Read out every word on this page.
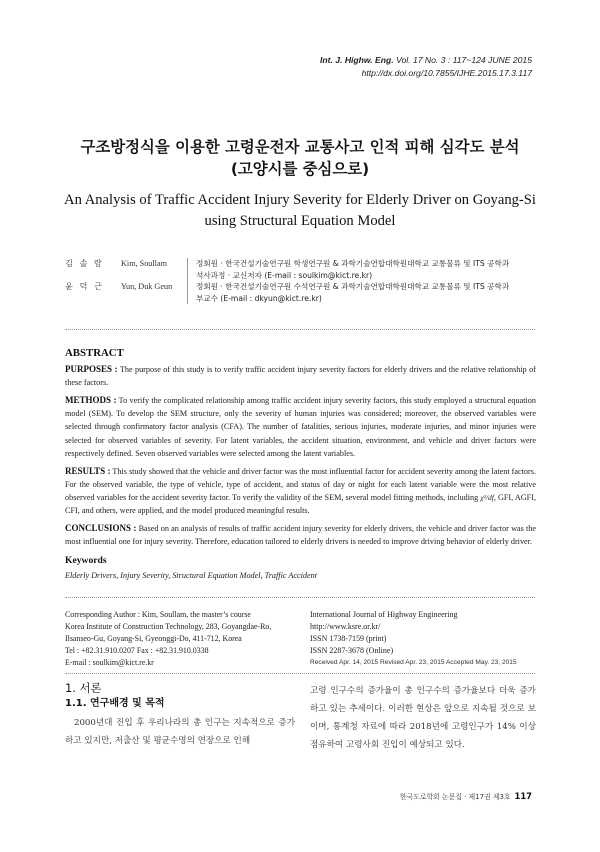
Int. J. Highw. Eng. Vol. 17 No. 3 : 117~124 JUNE 2015
http://dx.doi.org/10.7855/IJHE.2015.17.3.117
구조방정식을 이용한 고령운전자 교통사고 인적 피해 심각도 분석
(고양시를 중심으로)
An Analysis of Traffic Accident Injury Severity for Elderly Driver on Goyang-Si
using Structural Equation Model
김 솔 람	Kim, Soullam	정회원 · 한국건설기술연구원 학생연구원 & 과학기술연합대학원대학교 교통물류 및 ITS 공학과
석사과정 · 교신저자 (E-mail : soulkim@kict.re.kr)
윤 덕 근	Yun, Duk Geun	정회원 · 한국건설기술연구원 수석연구원 & 과학기술연합대학원대학교 교통물류 및 ITS 공학과
부교수 (E-mail : dkyun@kict.re.kr)
ABSTRACT

PURPOSES : The purpose of this study is to verify traffic accident injury severity factors for elderly drivers and the relative relationship of these factors.

METHODS : To verify the complicated relationship among traffic accident injury severity factors, this study employed a structural equation model (SEM). To develop the SEM structure, only the severity of human injuries was considered; moreover, the observed variables were selected through confirmatory factor analysis (CFA). The number of fatalities, serious injuries, moderate injuries, and minor injuries were selected for observed variables of severity. For latent variables, the accident situation, environment, and vehicle and driver factors were respectively defined. Seven observed variables were selected among the latent variables.

RESULTS : This study showed that the vehicle and driver factor was the most influential factor for accident severity among the latent factors. For the observed variable, the type of vehicle, type of accident, and status of day or night for each latent variable were the most relative observed variables for the accident severity factor. To verify the validity of the SEM, several model fitting methods, including χ²/df, GFI, AGFI, CFI, and others, were applied, and the model produced meaningful results.

CONCLUSIONS : Based on an analysis of results of traffic accident injury severity for elderly drivers, the vehicle and driver factor was the most influential one for injury severity. Therefore, education tailored to elderly drivers is needed to improve driving behavior of elderly driver.

Keywords

Elderly Drivers, Injury Severity, Structural Equation Model, Traffic Accident

Corresponding Author : Kim, Soullam, the master’s course
Korea Institute of Construction Technology, 283, Goyangdae-Ro,
Ilsanseo-Gu, Goyang-Si, Gyeonggi-Do, 411-712, Korea
Tel : +82.31.910.0207 Fax : +82.31.910.0338
E-mail : soulkim@kict.re.kr
International Journal of Highway Engineering
http://www.ksre.or.kr/
ISSN 1738-7159 (print)
ISSN 2287-3678 (Online)
Received Apr. 14, 2015 Revised Apr. 23, 2015 Accepted May. 23, 2015
1. 서론
1.1. 연구배경 및 목적

2000년대 진입 후 우리나라의 총 인구는 지속적으로 증가하고 있지만, 저출산 및 평균수명의 연장으로 인해

고령 인구수의 증가율이 총 인구수의 증가율보다 더욱 증가하고 있는 추세이다. 이러한 현상은 앞으로 지속될 것으로 보이며, 통계청 자료에 따라 2018년에 고령인구가 14% 이상 점유하여 고령사회 진입이 예상되고 있다.

한국도로학회 논문집 · 제17권 제3호 117
